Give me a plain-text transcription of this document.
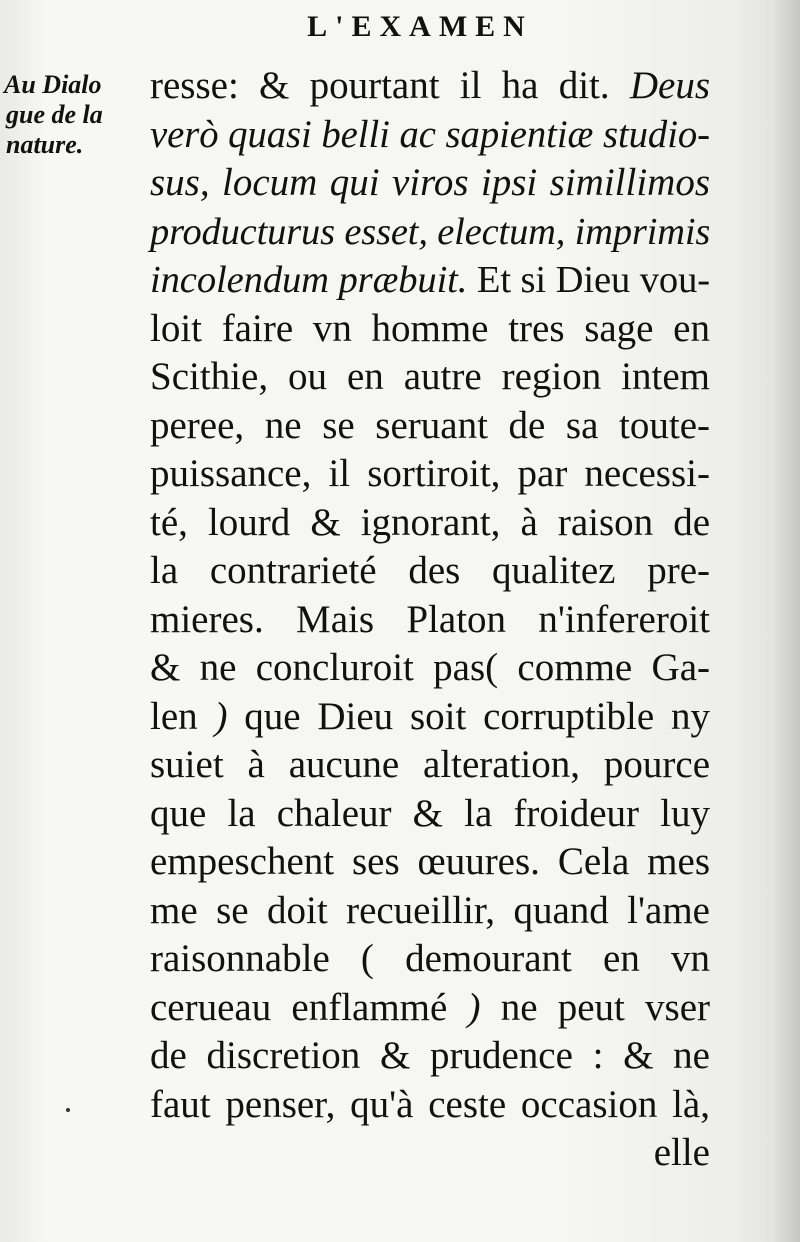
L'EXAMEN
Au Dialo
gue de la
nature.
resse: & pourtant il ha dit. Deus
verò quasi belli ac sapientiæ studio-
sus, locum qui viros ipsi simillimos
producturus esset, electum, imprimis
incolendum præbuit. Et si Dieu vou-
loit faire vn homme tres sage en
Scithie, ou en autre region intem
peree, ne se seruant de sa toute-
puissance, il sortiroit, par necessi-
té, lourd & ignorant, à raison de
la contrarieté des qualitez pre-
mieres. Mais Platon n'infereroit
& ne concluroit pas( comme Ga-
len ) que Dieu soit corruptible ny
suiet à aucune alteration, pource
que la chaleur & la froideur luy
empeschent ses œuures. Cela mes
me se doit recueillir, quand l'ame
raisonnable ( demourant en vn
cerueau enflammé ) ne peut vser
de discretion & prudence : & ne
faut penser, qu'à ceste occasion là,
elle
